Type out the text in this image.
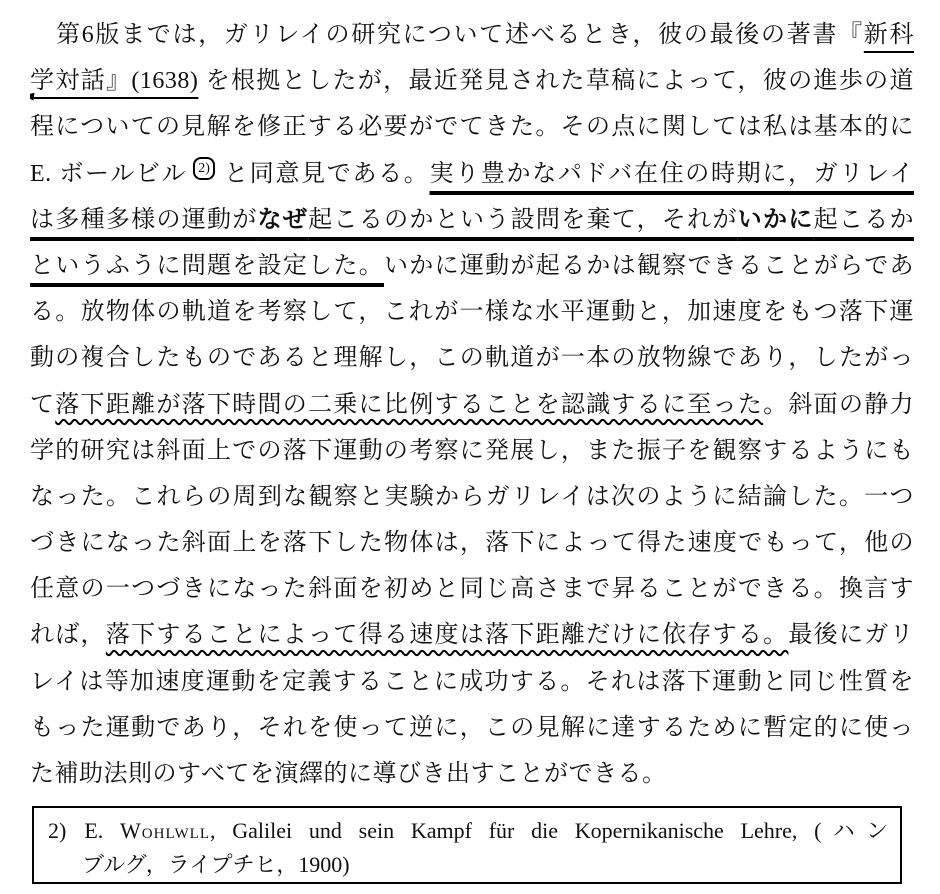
第6版までは，ガリレイの研究について述べるとき，彼の最後の著書『新科
学対話』(1638) を根拠としたが，最近発見された草稿によって，彼の進歩の道
程についての見解を修正する必要がでてきた。その点に関しては私は基本的に
E. ボールビル 2) と同意見である。実り豊かなパドバ在住の時期に，ガリレイ
は多種多様の運動がなぜ起こるのかという設問を棄て，それがいかに起こるか
というふうに問題を設定した。いかに運動が起るかは観察できることがらであ
る。放物体の軌道を考察して，これが一様な水平運動と，加速度をもつ落下運
動の複合したものであると理解し，この軌道が一本の放物線であり，したがっ
て落下距離が落下時間の二乗に比例することを認識するに至った。斜面の静力
学的研究は斜面上での落下運動の考察に発展し，また振子を観察するようにも
なった。これらの周到な観察と実験からガリレイは次のように結論した。一つ
づきになった斜面上を落下した物体は，落下によって得た速度でもって，他の
任意の一つづきになった斜面を初めと同じ高さまで昇ることができる。換言す
れば，落下することによって得る速度は落下距離だけに依存する。最後にガリ
レイは等加速度運動を定義することに成功する。それは落下運動と同じ性質を
もった運動であり，それを使って逆に，この見解に達するために暫定的に使っ
た補助法則のすべてを演繹的に導びき出すことができる。
2) E. Wohlwll, Galilei und sein Kampf für die Kopernikanische Lehre, (ハン
ブルグ，ライプチヒ，1900)
